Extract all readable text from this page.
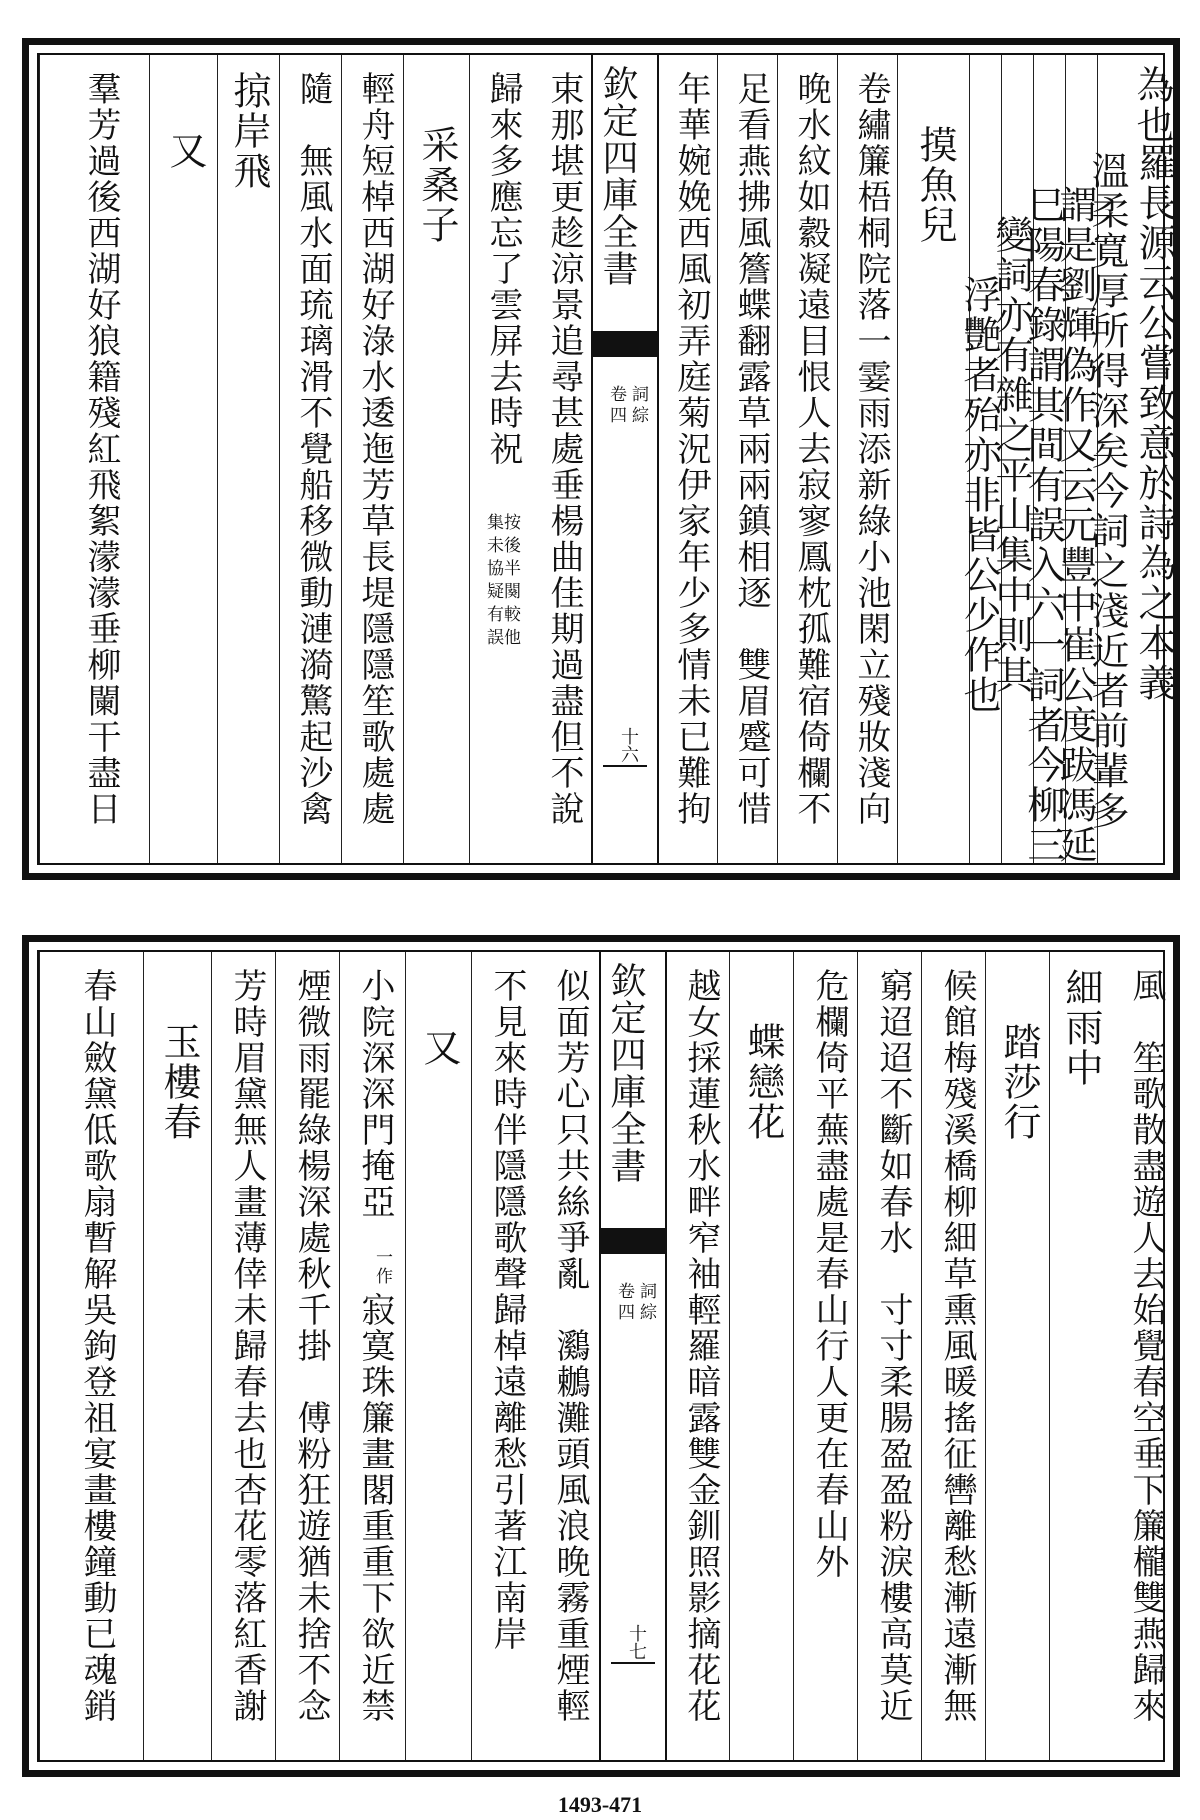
為也
羅長源云公嘗致意於詩為之本義
溫柔寬厚所得深矣今詞之淺近者前輩多
謂是劉輝偽作又云元豐中崔公度跋馮延
巳陽春錄謂其間有誤入六一詞者今柳三
變詞亦有雜之平山集中則其
浮艷者殆亦非皆公少作也
摸魚兒
卷繡簾梧桐院落一霎雨添新綠小池閑立殘妝淺向
晚水紋如縠凝遠目恨人去寂寥鳳枕孤難宿倚欄不
足看燕拂風簷蝶翻露草兩兩鎮相逐　雙眉蹙可惜
年華婉娩西風初弄庭菊況伊家年少多情未已難拘
欽定四庫全書
詞綜
卷四
十六
束那堪更趁涼景追尋甚處垂楊曲佳期過盡但不說
歸來多應忘了雲屏去時祝
按後半闋較他集未協疑有誤
采桑子
輕舟短棹西湖好淥水逶迤芳草長堤隱隱笙歌處處
隨　無風水面琉璃滑不覺船移微動漣漪驚起沙禽
掠岸飛
又
羣芳過後西湖好狼籍殘紅飛絮濛濛垂柳闌干盡日
風　笙歌散盡遊人去始覺春空垂下簾櫳雙燕歸來
細雨中
踏莎行
候館梅殘溪橋柳細草熏風暖搖征轡離愁漸遠漸無
窮迢迢不斷如春水　寸寸柔腸盈盈粉淚樓高莫近
危欄倚平蕪盡處是春山行人更在春山外
蝶戀花
越女採蓮秋水畔窄袖輕羅暗露雙金釧照影摘花花
欽定四庫全書
詞綜
卷四
十七
似面芳心只共絲爭亂　鸂鶒灘頭風浪晚霧重煙輕
不見來時伴隱隱歌聲歸棹遠離愁引著江南岸
又
小院深深門掩亞
一作
寂寞珠簾畫閣重重下欲近禁
煙微雨罷綠楊深處秋千掛　傅粉狂遊猶未捨不念
芳時眉黛無人畫薄倖未歸春去也杏花零落紅香謝
玉樓春
春山斂黛低歌扇暫解吳鉤登祖宴畫樓鐘動已魂銷
1493-471
